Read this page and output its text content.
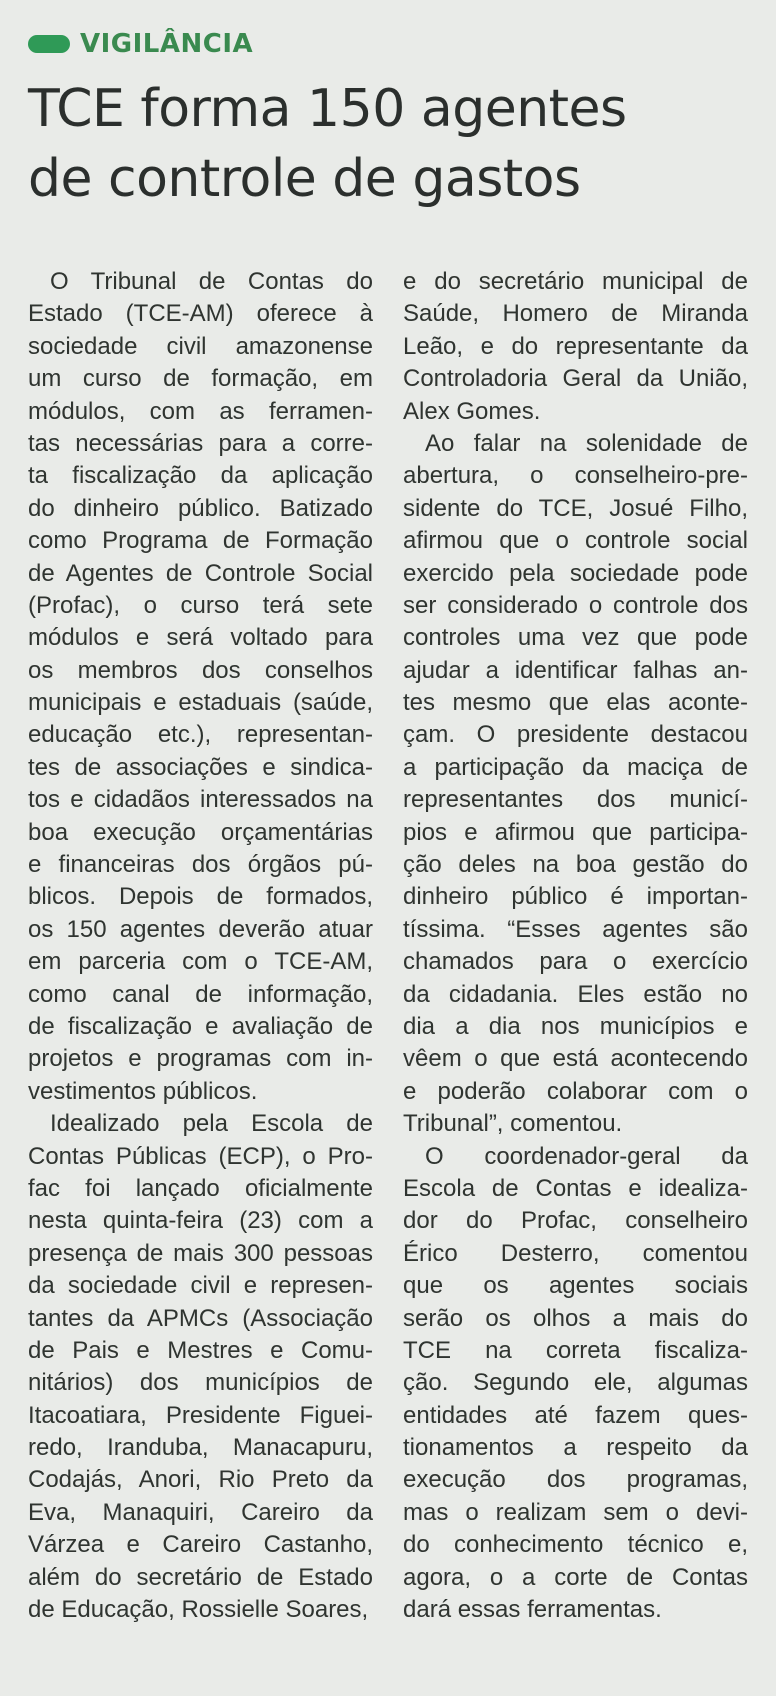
VIGILÂNCIA
TCE forma 150 agentes
de controle de gastos
O Tribunal de Contas do
Estado (TCE-AM) oferece à
sociedade civil amazonense
um curso de formação, em
módulos, com as ferramen-
tas necessárias para a corre-
ta fiscalização da aplicação
do dinheiro público. Batizado
como Programa de Formação
de Agentes de Controle Social
(Profac), o curso terá sete
módulos e será voltado para
os membros dos conselhos
municipais e estaduais (saúde,
educação etc.), representan-
tes de associações e sindica-
tos e cidadãos interessados na
boa execução orçamentárias
e financeiras dos órgãos pú-
blicos. Depois de formados,
os 150 agentes deverão atuar
em parceria com o TCE-AM,
como canal de informação,
de fiscalização e avaliação de
projetos e programas com in-
vestimentos públicos.
Idealizado pela Escola de
Contas Públicas (ECP), o Pro-
fac foi lançado oficialmente
nesta quinta-feira (23) com a
presença de mais 300 pessoas
da sociedade civil e represen-
tantes da APMCs (Associação
de Pais e Mestres e Comu-
nitários) dos municípios de
Itacoatiara, Presidente Figuei-
redo, Iranduba, Manacapuru,
Codajás, Anori, Rio Preto da
Eva, Manaquiri, Careiro da
Várzea e Careiro Castanho,
além do secretário de Estado
de Educação, Rossielle Soares,
e do secretário municipal de
Saúde, Homero de Miranda
Leão, e do representante da
Controladoria Geral da União,
Alex Gomes.
Ao falar na solenidade de
abertura, o conselheiro-pre-
sidente do TCE, Josué Filho,
afirmou que o controle social
exercido pela sociedade pode
ser considerado o controle dos
controles uma vez que pode
ajudar a identificar falhas an-
tes mesmo que elas aconte-
çam. O presidente destacou
a participação da maciça de
representantes dos municí-
pios e afirmou que participa-
ção deles na boa gestão do
dinheiro público é importan-
tíssima. “Esses agentes são
chamados para o exercício
da cidadania. Eles estão no
dia a dia nos municípios e
vêem o que está acontecendo
e poderão colaborar com o
Tribunal”, comentou.
O coordenador-geral da
Escola de Contas e idealiza-
dor do Profac, conselheiro
Érico Desterro, comentou
que os agentes sociais
serão os olhos a mais do
TCE na correta fiscaliza-
ção. Segundo ele, algumas
entidades até fazem ques-
tionamentos a respeito da
execução dos programas,
mas o realizam sem o devi-
do conhecimento técnico e,
agora, o a corte de Contas
dará essas ferramentas.
